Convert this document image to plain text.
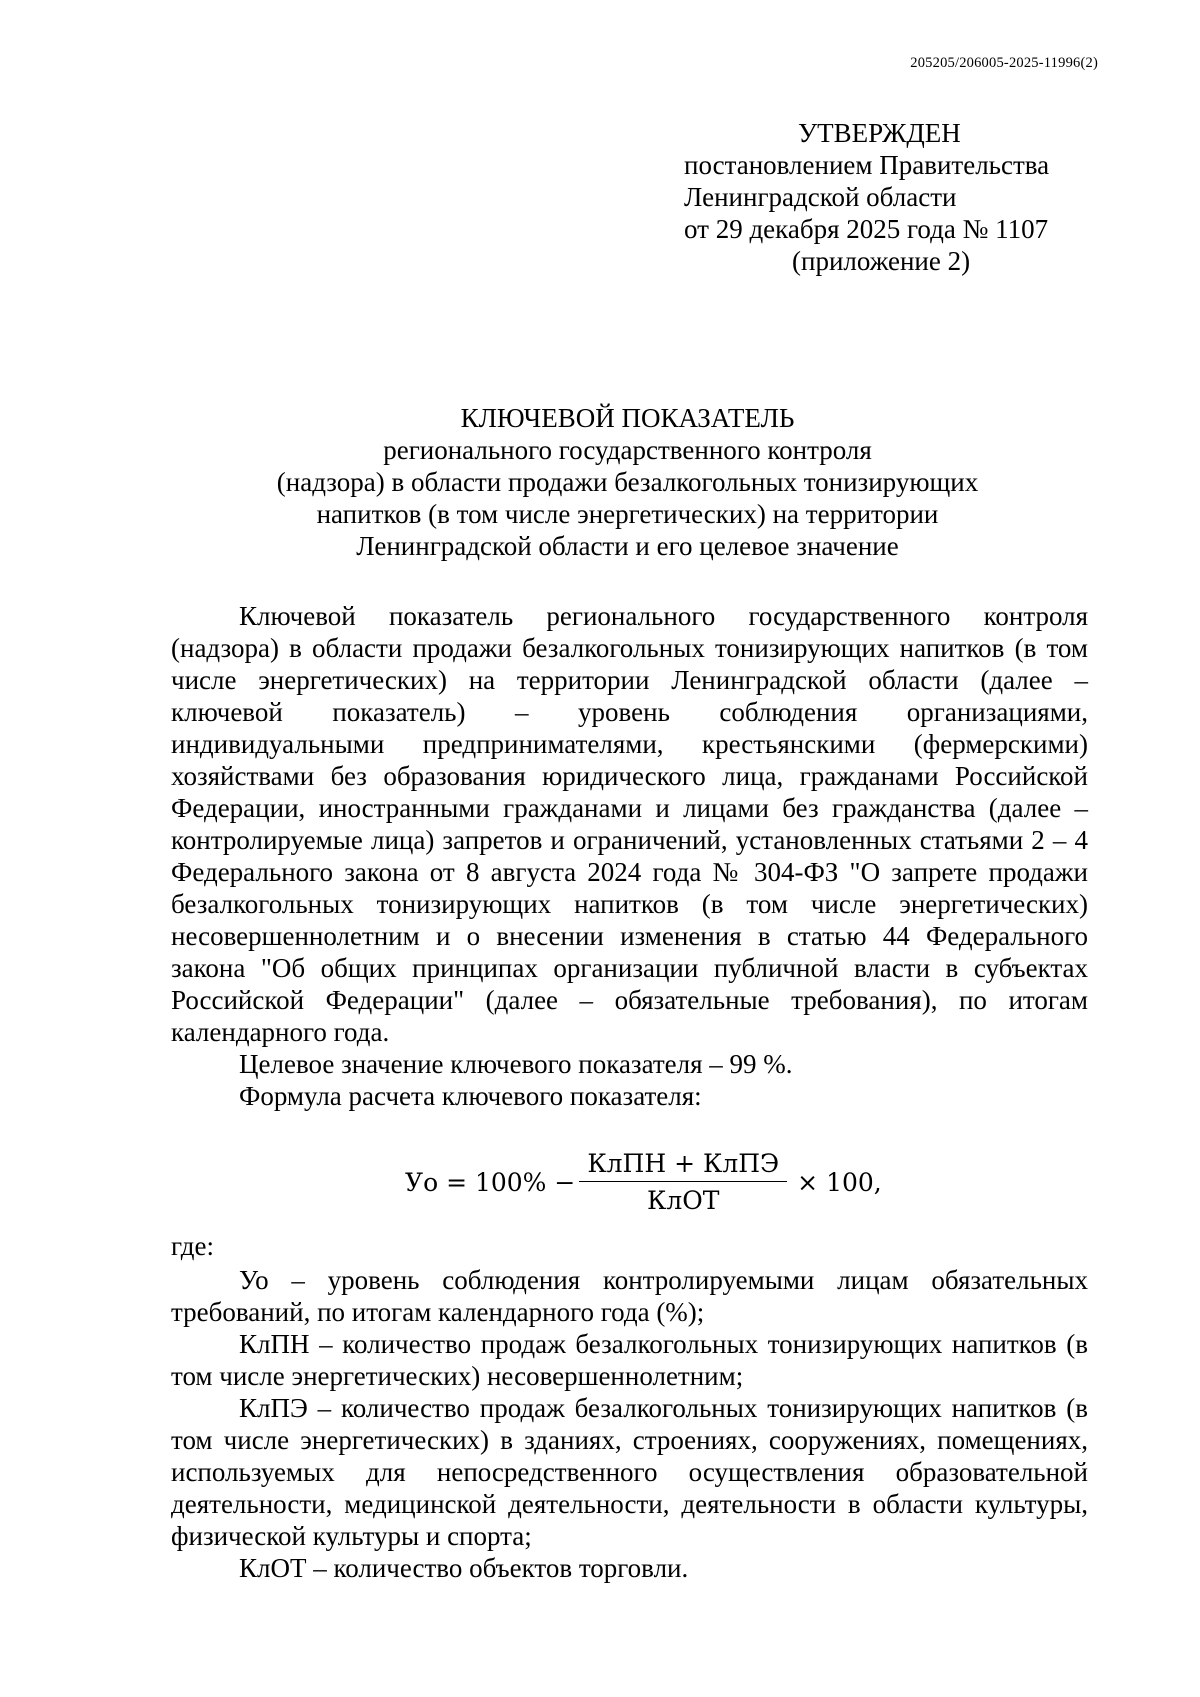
205205/206005-2025-11996(2)
УТВЕРЖДЕН
постановлением Правительства
Ленинградской области
от 29 декабря 2025 года № 1107
(приложение 2)
КЛЮЧЕВОЙ ПОКАЗАТЕЛЬ
регионального государственного контроля
(надзора) в области продажи безалкогольных тонизирующих
напитков (в том числе энергетических) на территории
Ленинградской области и его целевое значение

Ключевой показатель регионального государственного контроля (надзора) в области продажи безалкогольных тонизирующих напитков (в том числе энергетических) на территории Ленинградской области (далее – ключевой показатель) – уровень соблюдения организациями, индивидуальными предпринимателями, крестьянскими (фермерскими) хозяйствами без образования юридического лица, гражданами Российской Федерации, иностранными гражданами и лицами без гражданства (далее – контролируемые лица) запретов и ограничений, установленных статьями 2 – 4 Федерального закона от 8 августа 2024 года № 304-ФЗ "О запрете продажи безалкогольных тонизирующих напитков (в том числе энергетических) несовершеннолетним и о внесении изменения в статью 44 Федерального закона "Об общих принципах организации публичной власти в субъектах Российской Федерации" (далее – обязательные требования), по итогам календарного года.

Целевое значение ключевого показателя – 99 %.

Формула расчета ключевого показателя:

Уо = $100\% - \frac{\text{КлПН + КлПЭ}}{\text{КлОТ}} \times 100$,
где:

Уо – уровень соблюдения контролируемыми лицам обязательных требований, по итогам календарного года (%);

КлПН – количество продаж безалкогольных тонизирующих напитков (в том числе энергетических) несовершеннолетним;

КлПЭ – количество продаж безалкогольных тонизирующих напитков (в том числе энергетических) в зданиях, строениях, сооружениях, помещениях, используемых для непосредственного осуществления образовательной деятельности, медицинской деятельности, деятельности в области культуры, физической культуры и спорта;

КлОТ – количество объектов торговли.
